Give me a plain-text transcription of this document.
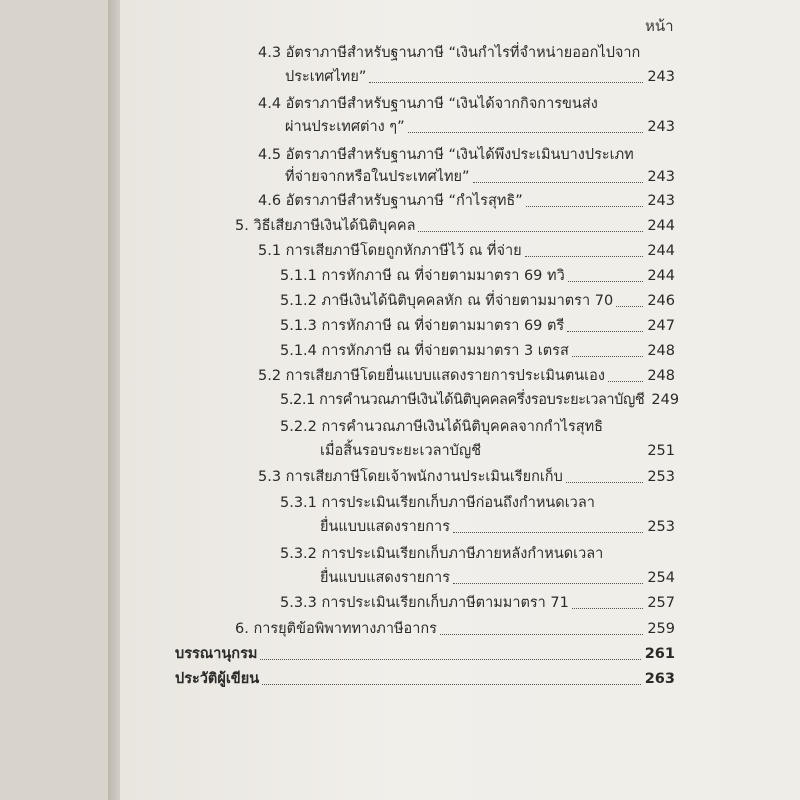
หน้า
4.3 อัตราภาษีสำหรับฐานภาษี “เงินกำไรที่จำหน่ายออกไปจาก
ประเทศไทย”	243
4.4 อัตราภาษีสำหรับฐานภาษี “เงินได้จากกิจการขนส่ง
ผ่านประเทศต่าง ๆ”	243
4.5 อัตราภาษีสำหรับฐานภาษี “เงินได้พึงประเมินบางประเภท
ที่จ่ายจากหรือในประเทศไทย”	243
4.6 อัตราภาษีสำหรับฐานภาษี “กำไรสุทธิ”	243
5. วิธีเสียภาษีเงินได้นิติบุคคล	244
5.1 การเสียภาษีโดยถูกหักภาษีไว้ ณ ที่จ่าย	244
5.1.1 การหักภาษี ณ ที่จ่ายตามมาตรา 69 ทวิ	244
5.1.2 ภาษีเงินได้นิติบุคคลหัก ณ ที่จ่ายตามมาตรา 70 246
5.1.3 การหักภาษี ณ ที่จ่ายตามมาตรา 69 ตรี	247
5.1.4 การหักภาษี ณ ที่จ่ายตามมาตรา 3 เตรส	248
5.2 การเสียภาษีโดยยื่นแบบแสดงรายการประเมินตนเอง	248
5.2.1 การคำนวณภาษีเงินได้นิติบุคคลครึ่งรอบระยะเวลาบัญชี 249
5.2.2 การคำนวณภาษีเงินได้นิติบุคคลจากกำไรสุทธิ
เมื่อสิ้นรอบระยะเวลาบัญชี	251
5.3 การเสียภาษีโดยเจ้าพนักงานประเมินเรียกเก็บ	253
5.3.1 การประเมินเรียกเก็บภาษีก่อนถึงกำหนดเวลา
ยื่นแบบแสดงรายการ	253
5.3.2 การประเมินเรียกเก็บภาษีภายหลังกำหนดเวลา
ยื่นแบบแสดงรายการ	254
5.3.3 การประเมินเรียกเก็บภาษีตามมาตรา 71	257
6. การยุติข้อพิพาททางภาษีอากร	259
บรรณานุกรม	261
ประวัติผู้เขียน	263
